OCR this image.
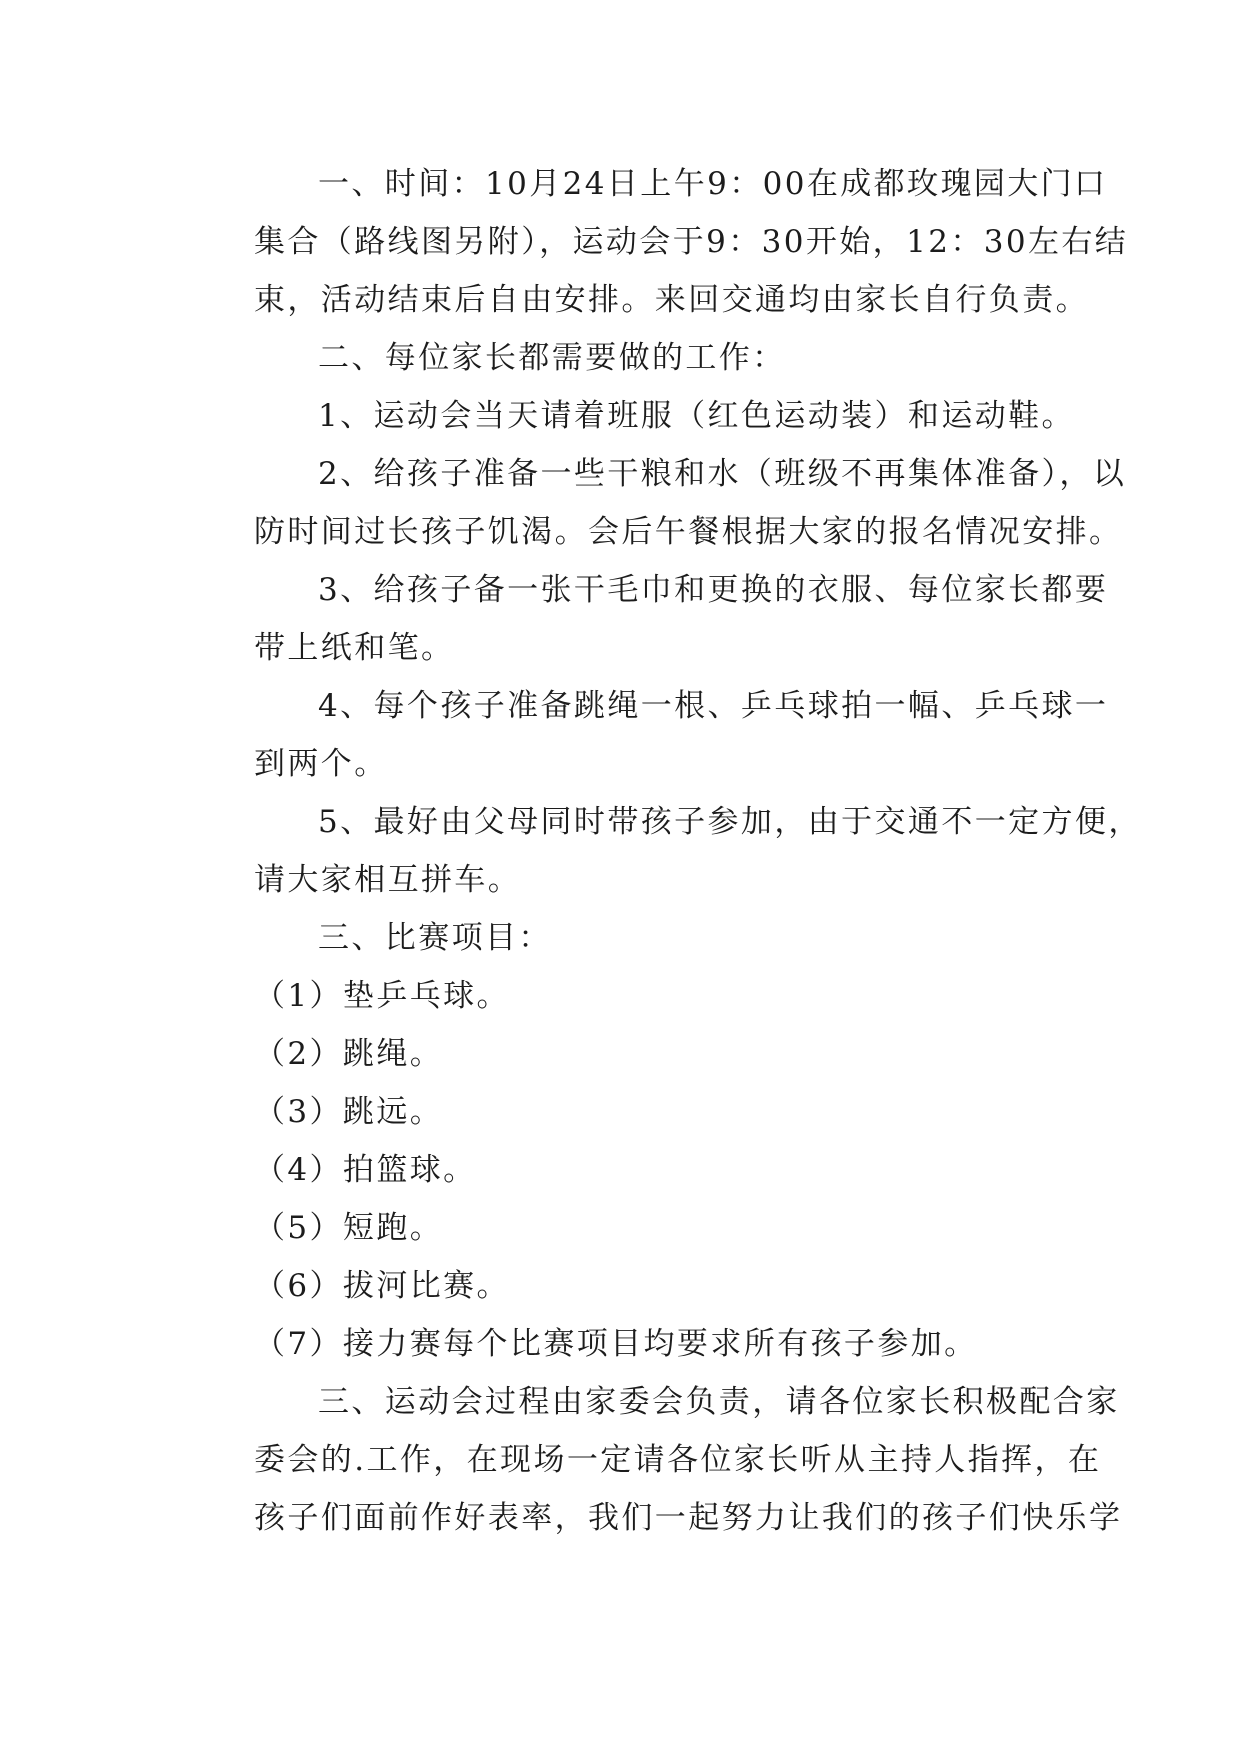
一、时间：10月24日上午9：00在成都玫瑰园大门口
集合（路线图另附），运动会于9：30开始，12：30左右结
束，活动结束后自由安排。来回交通均由家长自行负责。
二、每位家长都需要做的工作：
1、运动会当天请着班服（红色运动装）和运动鞋。
2、给孩子准备一些干粮和水（班级不再集体准备），以
防时间过长孩子饥渴。会后午餐根据大家的报名情况安排。
3、给孩子备一张干毛巾和更换的衣服、每位家长都要
带上纸和笔。
4、每个孩子准备跳绳一根、乒乓球拍一幅、乒乓球一
到两个。
5、最好由父母同时带孩子参加，由于交通不一定方便，
请大家相互拼车。
三、比赛项目：
（1）垫乒乓球。
（2）跳绳。
（3）跳远。
（4）拍篮球。
（5）短跑。
（6）拔河比赛。
（7）接力赛每个比赛项目均要求所有孩子参加。
三、运动会过程由家委会负责，请各位家长积极配合家
委会的.工作，在现场一定请各位家长听从主持人指挥，在
孩子们面前作好表率，我们一起努力让我们的孩子们快乐学
